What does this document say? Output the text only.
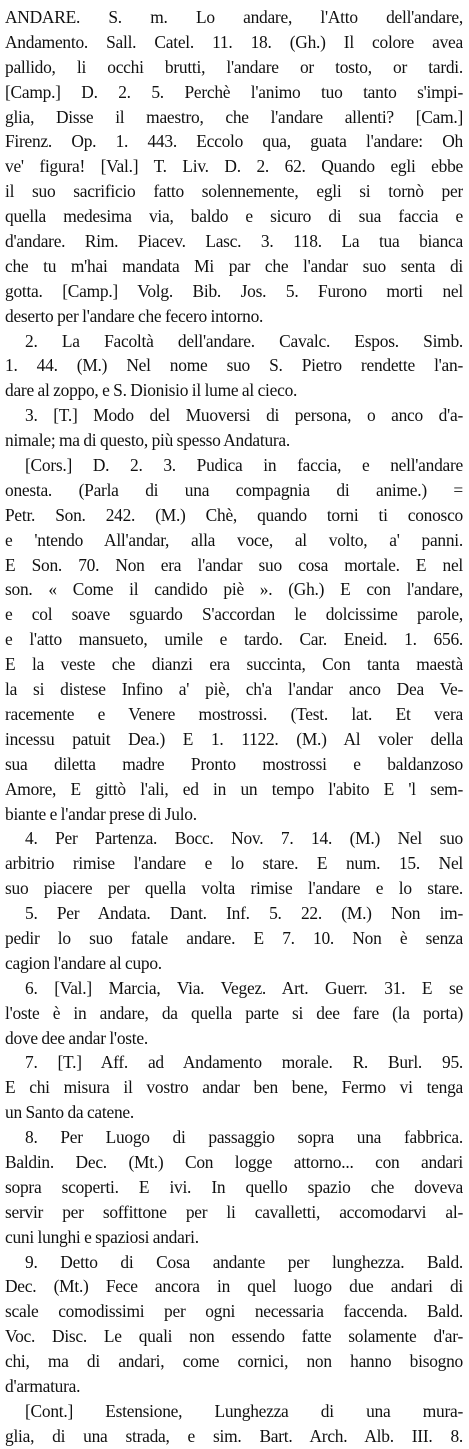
ANDARE. S. m. Lo andare, l'Atto dell'andare,
Andamento. Sall. Catel. 11. 18. (Gh.) Il colore avea
pallido, li occhi brutti, l'andare or tosto, or tardi.
[Camp.] D. 2. 5. Perchè l'animo tuo tanto s'impi-
glia, Disse il maestro, che l'andare allenti? [Cam.]
Firenz. Op. 1. 443. Eccolo qua, guata l'andare: Oh
ve' figura! [Val.] T. Liv. D. 2. 62. Quando egli ebbe
il suo sacrificio fatto solennemente, egli si tornò per
quella medesima via, baldo e sicuro di sua faccia e
d'andare. Rim. Piacev. Lasc. 3. 118. La tua bianca
che tu m'hai mandata Mi par che l'andar suo senta di
gotta. [Camp.] Volg. Bib. Jos. 5. Furono morti nel
deserto per l'andare che fecero intorno.

2. La Facoltà dell'andare. Cavalc. Espos. Simb.
1. 44. (M.) Nel nome suo S. Pietro rendette l'an-
dare al zoppo, e S. Dionisio il lume al cieco.

3. [T.] Modo del Muoversi di persona, o anco d'a-
nimale; ma di questo, più spesso Andatura.
[Cors.] D. 2. 3. Pudica in faccia, e nell'andare
onesta. (Parla di una compagnia di anime.) =
Petr. Son. 242. (M.) Chè, quando torni ti conosco
e 'ntendo All'andar, alla voce, al volto, a' panni.
E Son. 70. Non era l'andar suo cosa mortale. E nel
son. « Come il candido piè ». (Gh.) E con l'andare,
e col soave sguardo S'accordan le dolcissime parole,
e l'atto mansueto, umile e tardo. Car. Eneid. 1. 656.
E la veste che dianzi era succinta, Con tanta maestà
la si distese Infino a' piè, ch'a l'andar anco Dea Ve-
racemente e Venere mostrossi. (Test. lat. Et vera
incessu patuit Dea.) E 1. 1122. (M.) Al voler della
sua diletta madre Pronto mostrossi e baldanzoso
Amore, E gittò l'ali, ed in un tempo l'abito E 'l sem-
biante e l'andar prese di Julo.

4. Per Partenza. Bocc. Nov. 7. 14. (M.) Nel suo
arbitrio rimise l'andare e lo stare. E num. 15. Nel
suo piacere per quella volta rimise l'andare e lo stare.

5. Per Andata. Dant. Inf. 5. 22. (M.) Non im-
pedir lo suo fatale andare. E 7. 10. Non è senza
cagion l'andare al cupo.

6. [Val.] Marcia, Via. Vegez. Art. Guerr. 31. E se
l'oste è in andare, da quella parte si dee fare (la porta)
dove dee andar l'oste.

7. [T.] Aff. ad Andamento morale. R. Burl. 95.
E chi misura il vostro andar ben bene, Fermo vi tenga
un Santo da catene.

8. Per Luogo di passaggio sopra una fabbrica.
Baldin. Dec. (Mt.) Con logge attorno... con andari
sopra scoperti. E ivi. In quello spazio che doveva
servir per soffittone per li cavalletti, accomodarvi al-
cuni lunghi e spaziosi andari.

9. Detto di Cosa andante per lunghezza. Bald.
Dec. (Mt.) Fece ancora in quel luogo due andari di
scale comodissimi per ogni necessaria faccenda. Bald.
Voc. Disc. Le quali non essendo fatte solamente d'ar-
chi, ma di andari, come cornici, non hanno bisogno
d'armatura.

[Cont.] Estensione, Lunghezza di una mura-
glia, di una strada, e sim. Bart. Arch. Alb. III. 8.
